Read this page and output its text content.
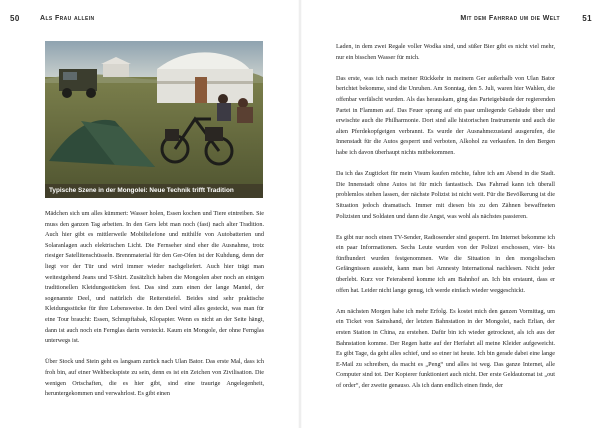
50	Als Frau allein	Mit dem Fahrrad um die Welt	51
Typische Szene in der Mongolei: Neue Technik trifft Tradition

Mädchen sich um alles kümmert: Wasser holen, Essen kochen und Tiere eintreiben. Sie muss den ganzen Tag arbeiten. In den Gers lebt man noch (fast) nach alter Tradition. Auch hier gibt es mittlerweile Mobiltelefone und mithilfe von Autobatterien und Solaranlagen auch elektrischen Licht. Die Fernseher sind eher die Ausnahme, trotz riesiger Satellitenschüsseln. Brennmaterial für den Ger-Ofen ist der Kuhdung, denn der liegt vor der Tür und wird immer wieder nachgeliefert. Auch hier trägt man weitestgehend Jeans und T-Shirt. Zusätzlich haben die Mongolen aber noch an einigen traditionellen Kleidungsstücken fest. Das sind zum einen der lange Mantel, der sogenannte Deel, und natürlich die Reiterstiefel. Beides sind sehr praktische Kleidungsstücke für ihre Lebensweise. In den Deel wird alles gesteckt, was man für eine Tour braucht: Essen, Schnupftabak, Klopapier. Wenn es nicht an der Seite hängt, dann ist auch noch ein Fernglas darin versteckt. Kaum ein Mongole, der ohne Fernglas unterwegs ist.

Über Stock und Stein geht es langsam zurück nach Ulan Bator. Das erste Mal, dass ich froh bin, auf einer Weltbeckspiste zu sein, denn es ist ein Zeichen von Zivilisation. Die wenigen Ortschaften, die es hier gibt, sind eine traurige Angelegenheit, heruntergekommen und verwahrlost. Es gibt einen

Laden, in dem zwei Regale voller Wodka sind, und süßer Bier gibt es nicht viel mehr, nur ein bisschen Wasser für mich.

Das erste, was ich nach meiner Rückkehr in meinem Ger außerhalb von Ulan Bator berichtet bekomme, sind die Unruhen. Am Sonntag, den 5. Juli, waren hier Wahlen, die offenbar verfälscht wurden. Als das herauskam, ging das Parteigebäude der regierenden Partei in Flammen auf. Das Feuer sprang auf ein paar umliegende Gebäude über und erwischte auch die Philharmonie. Dort sind alle historischen Instrumente und auch die alten Pferdekopfgeigen verbrannt. Es wurde der Ausnahmezustand ausgerufen, die Innenstadt für die Autos gesperrt und verboten, Alkohol zu verkaufen. In den Bergen habe ich davon überhaupt nichts mitbekommen.

Da ich das Zugticket für mein Visum kaufen möchte, fahre ich am Abend in die Stadt. Die Innenstadt ohne Autos ist für mich fantastisch. Das Fahrrad kann ich überall problemlos stehen lassen, der nächste Polizist ist nicht weit. Für die Bevölkerung ist die Situation jedoch dramatisch. Immer mit diesen bis zu den Zähnen bewaffneten Polizisten und Soldaten und dann die Angst, was wohl als nächstes passieren.

Es gibt nur noch einen TV-Sender, Radiosender sind gesperrt. Im Internet bekomme ich ein paar Informationen. Sechs Leute wurden von der Polizei erschossen, vier- bis fünfhundert wurden festgenommen. Wie die Situation in den mongolischen Gefängnissen aussieht, kann man bei Amnesty International nachlesen. Nicht jeder überlebt. Kurz vor Feierabend komme ich am Bahnhof an. Ich bin erstaunt, dass er offen hat. Leider nicht lange genug, ich werde einfach wieder weggeschickt.

Am nächsten Morgen habe ich mehr Erfolg. Es kostet mich den ganzen Vormittag, um ein Ticket von Sainshand, der letzten Bahnstation in der Mongolei, nach Erlian, der ersten Station in China, zu erstehen. Dafür bin ich wieder getrocknet, als ich aus der Bahnstation komme. Der Regen hatte auf der Herfahrt all meine Kleider aufgeweicht. Es gibt Tage, da geht alles schief, und so einer ist heute. Ich bin gerade dabei eine lange E-Mail zu schreiben, da macht es „Peng“ und alles ist weg. Das ganze Internet, alle Computer sind tot. Der Kopierer funktioniert auch nicht. Der erste Geldautomat ist „out of order“, der zweite genauso. Als ich dann endlich einen finde, der
